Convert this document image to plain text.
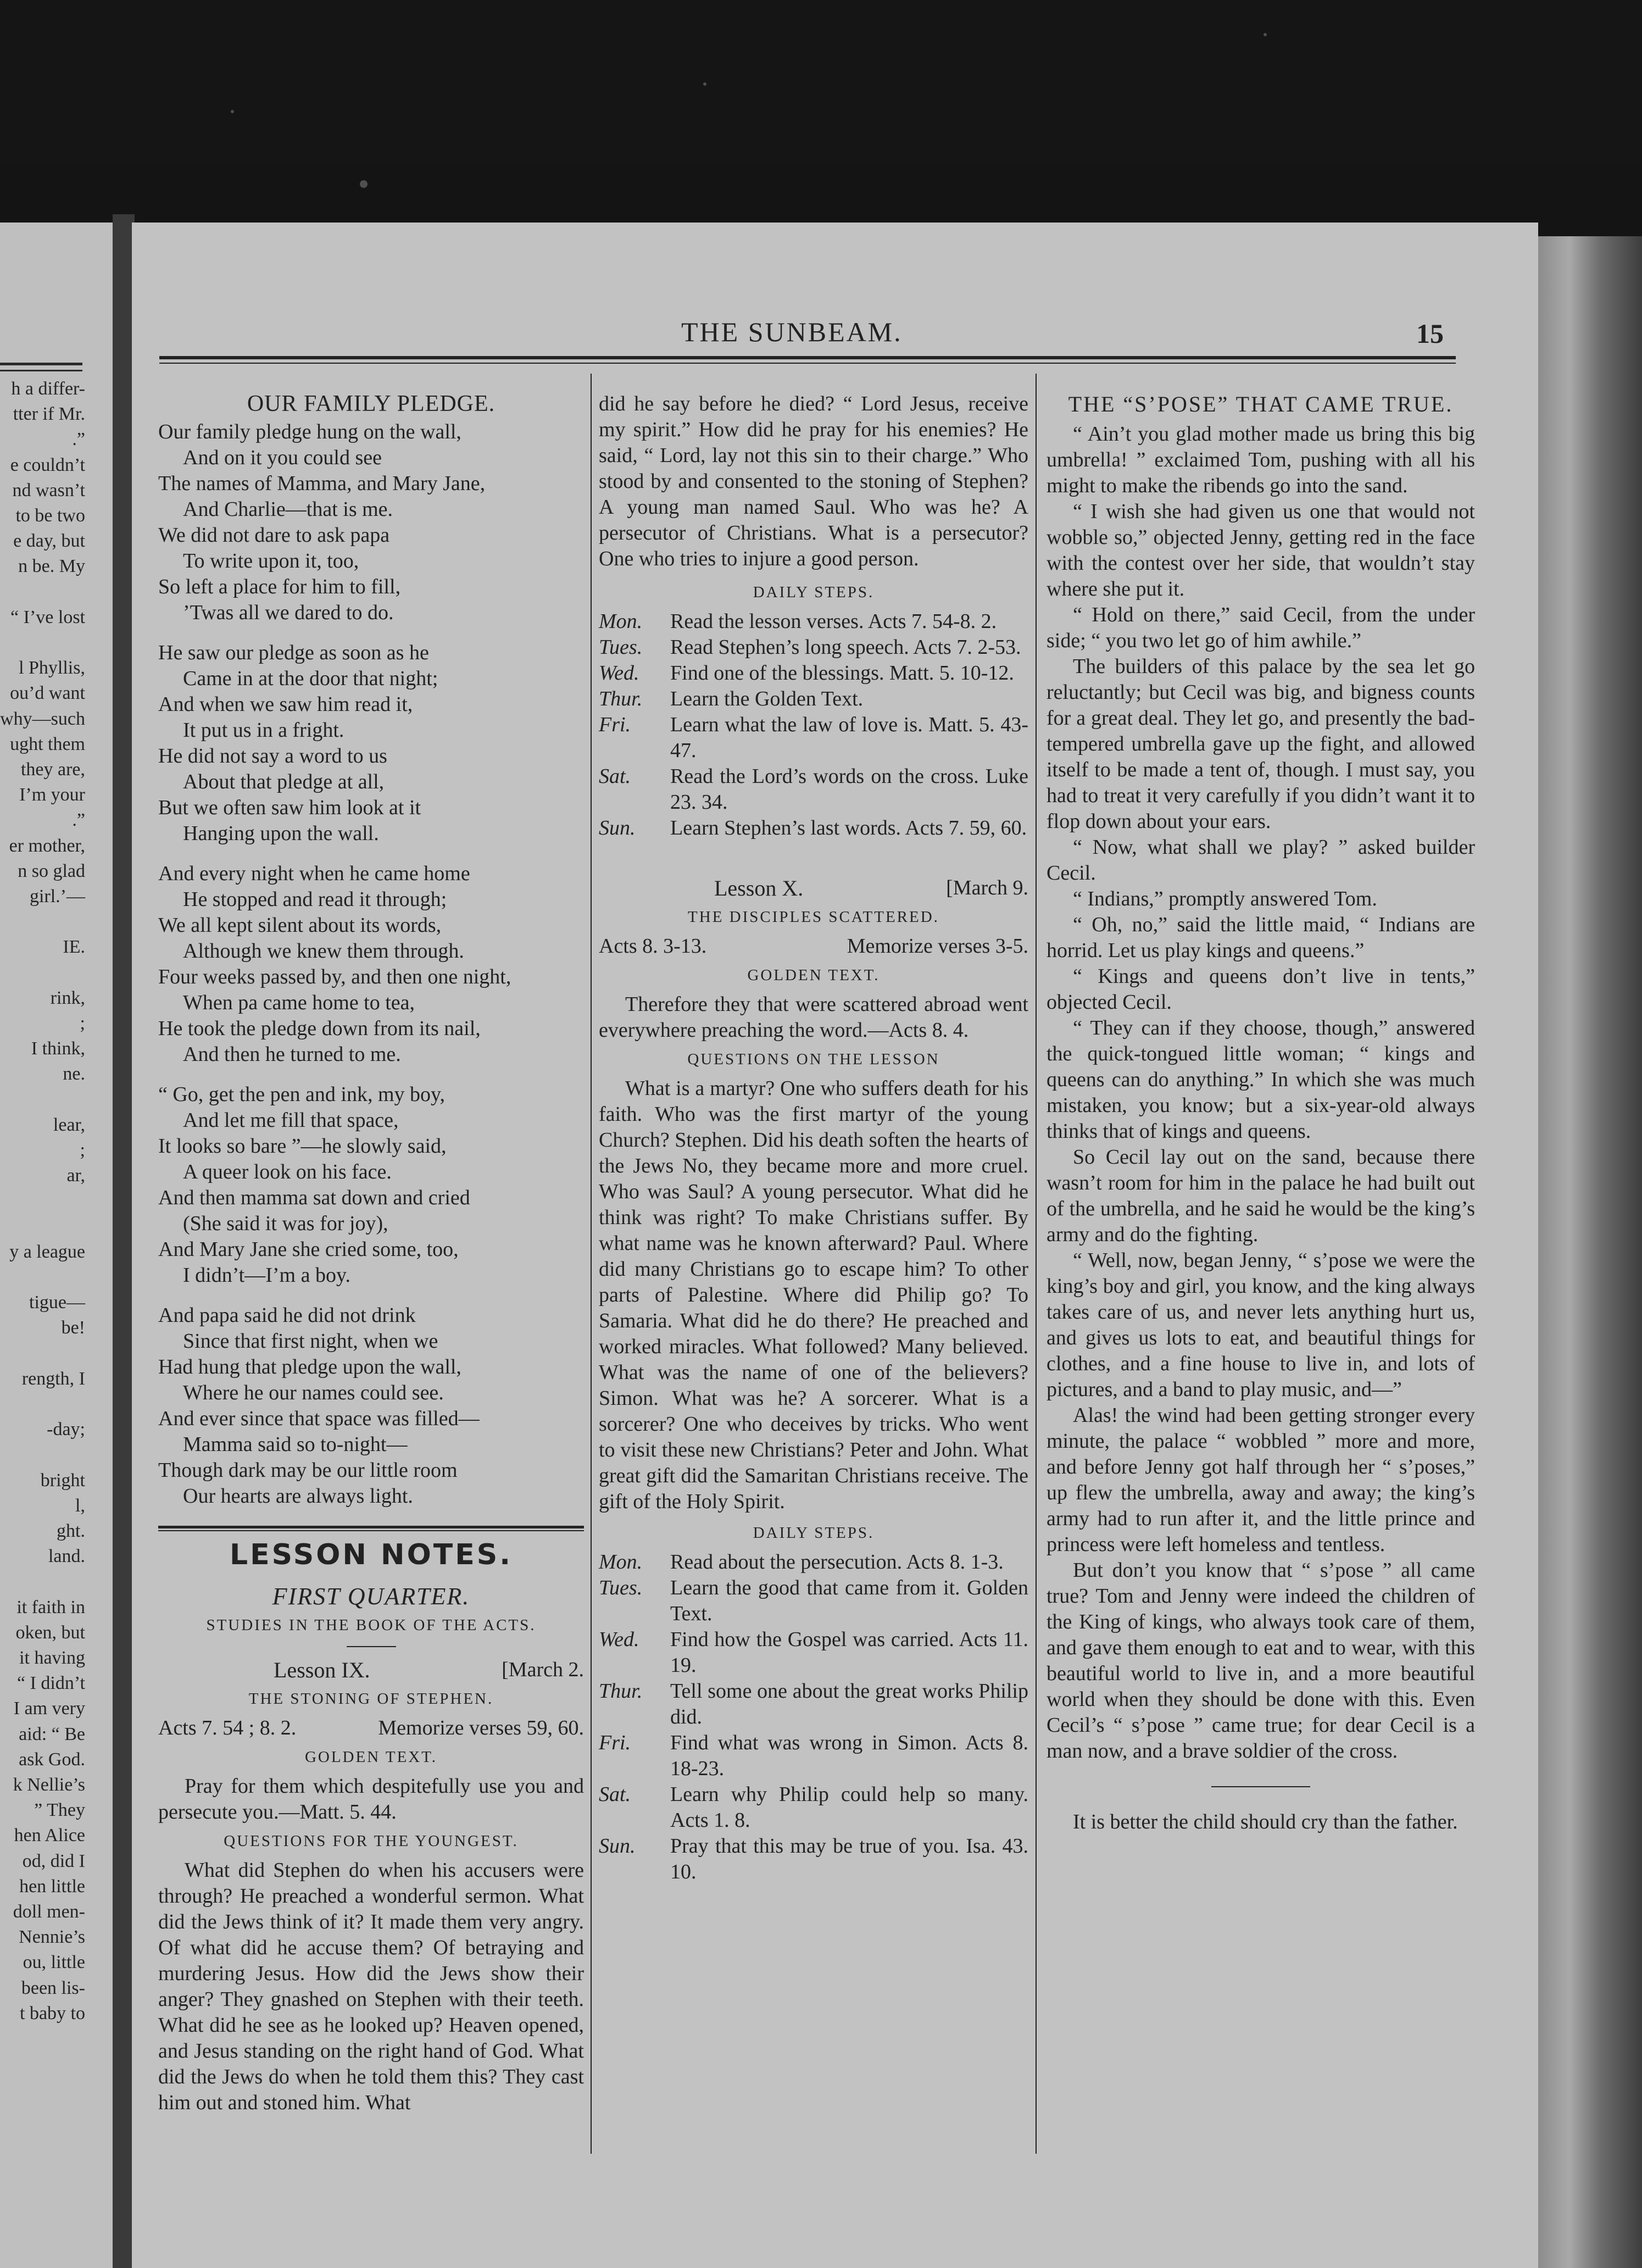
h a differ-
tter if Mr.
.”
e couldn’t
nd wasn’t
to be two
e day, but
n be. My
“ I’ve lost
l Phyllis,
ou’d want
why—such
ught them
they are,
I’m your
.”
er mother,
n so glad
girl.’—
IE.
rink,
;
I think,
ne.
lear,
;
ar,
y a league
tigue—
be!
rength, I
-day;
bright
l,
ght.
land.
it faith in
oken, but
it having
“ I didn’t
I am very
aid: “ Be
ask God.
k Nellie’s
” They
hen Alice
od, did I
hen little
doll men-
Nennie’s
ou, little
been lis-
t baby to
THE SUNBEAM.	15
OUR FAMILY PLEDGE.
Our family pledge hung on the wall,
And on it you could see
The names of Mamma, and Mary Jane,
And Charlie—that is me.
We did not dare to ask papa
To write upon it, too,
So left a place for him to fill,
’Twas all we dared to do.
He saw our pledge as soon as he
Came in at the door that night;
And when we saw him read it,
It put us in a fright.
He did not say a word to us
About that pledge at all,
But we often saw him look at it
Hanging upon the wall.
And every night when he came home
He stopped and read it through;
We all kept silent about its words,
Although we knew them through.
Four weeks passed by, and then one night,
When pa came home to tea,
He took the pledge down from its nail,
And then he turned to me.
“ Go, get the pen and ink, my boy,
And let me fill that space,
It looks so bare ”—he slowly said,
A queer look on his face.
And then mamma sat down and cried
(She said it was for joy),
And Mary Jane she cried some, too,
I didn’t—I’m a boy.
And papa said he did not drink
Since that first night, when we
Had hung that pledge upon the wall,
Where he our names could see.
And ever since that space was filled—
Mamma said so to-night—
Though dark may be our little room
Our hearts are always light.
LESSON NOTES.
FIRST QUARTER.
STUDIES IN THE BOOK OF THE ACTS.
Lesson IX.	[March 2.
THE STONING OF STEPHEN.
Acts 7. 54 ; 8. 2.	Memorize verses 59, 60.
GOLDEN TEXT.

Pray for them which despitefully use you and persecute you.—Matt. 5. 44.

QUESTIONS FOR THE YOUNGEST.

What did Stephen do when his accusers were through? He preached a wonderful sermon. What did the Jews think of it? It made them very angry. Of what did he accuse them? Of betraying and murdering Jesus. How did the Jews show their anger? They gnashed on Stephen with their teeth. What did he see as he looked up? Heaven opened, and Jesus standing on the right hand of God. What did the Jews do when he told them this? They cast him out and stoned him. What

did he say before he died? “ Lord Jesus, receive my spirit.” How did he pray for his enemies? He said, “ Lord, lay not this sin to their charge.” Who stood by and consented to the stoning of Stephen? A young man named Saul. Who was he? A persecutor of Christians. What is a persecutor? One who tries to injure a good person.

DAILY STEPS.
Mon.	Read the lesson verses. Acts 7. 54-8. 2.
Tues.	Read Stephen’s long speech. Acts 7. 2-53.
Wed.	Find one of the blessings. Matt. 5. 10-12.
Thur.	Learn the Golden Text.
Fri.	Learn what the law of love is. Matt. 5. 43-47.
Sat.	Read the Lord’s words on the cross. Luke 23. 34.
Sun.	Learn Stephen’s last words. Acts 7. 59, 60.
Lesson X.	[March 9.
THE DISCIPLES SCATTERED.
Acts 8. 3-13.	Memorize verses 3-5.
GOLDEN TEXT.

Therefore they that were scattered abroad went everywhere preaching the word.—Acts 8. 4.

QUESTIONS ON THE LESSON

What is a martyr? One who suffers death for his faith. Who was the first martyr of the young Church? Stephen. Did his death soften the hearts of the Jews No, they became more and more cruel. Who was Saul? A young persecutor. What did he think was right? To make Christians suffer. By what name was he known afterward? Paul. Where did many Christians go to escape him? To other parts of Palestine. Where did Philip go? To Samaria. What did he do there? He preached and worked miracles. What followed? Many believed. What was the name of one of the believers? Simon. What was he? A sorcerer. What is a sorcerer? One who deceives by tricks. Who went to visit these new Christians? Peter and John. What great gift did the Samaritan Christians receive. The gift of the Holy Spirit.

DAILY STEPS.
Mon.	Read about the persecution. Acts 8. 1-3.
Tues.	Learn the good that came from it. Golden Text.
Wed.	Find how the Gospel was carried. Acts 11. 19.
Thur.	Tell some one about the great works Philip did.
Fri.	Find what was wrong in Simon. Acts 8. 18-23.
Sat.	Learn why Philip could help so many. Acts 1. 8.
Sun.	Pray that this may be true of you. Isa. 43. 10.
THE “S’POSE” THAT CAME TRUE.

“ Ain’t you glad mother made us bring this big umbrella! ” exclaimed Tom, pushing with all his might to make the ribends go into the sand.

“ I wish she had given us one that would not wobble so,” objected Jenny, getting red in the face with the contest over her side, that wouldn’t stay where she put it.

“ Hold on there,” said Cecil, from the under side; “ you two let go of him awhile.”

The builders of this palace by the sea let go reluctantly; but Cecil was big, and bigness counts for a great deal. They let go, and presently the bad-tempered umbrella gave up the fight, and allowed itself to be made a tent of, though. I must say, you had to treat it very carefully if you didn’t want it to flop down about your ears.

“ Now, what shall we play? ” asked builder Cecil.

“ Indians,” promptly answered Tom.

“ Oh, no,” said the little maid, “ Indians are horrid. Let us play kings and queens.”

“ Kings and queens don’t live in tents,” objected Cecil.

“ They can if they choose, though,” answered the quick-tongued little woman; “ kings and queens can do anything.” In which she was much mistaken, you know; but a six-year-old always thinks that of kings and queens.

So Cecil lay out on the sand, because there wasn’t room for him in the palace he had built out of the umbrella, and he said he would be the king’s army and do the fighting.

“ Well, now, began Jenny, “ s’pose we were the king’s boy and girl, you know, and the king always takes care of us, and never lets anything hurt us, and gives us lots to eat, and beautiful things for clothes, and a fine house to live in, and lots of pictures, and a band to play music, and—”

Alas! the wind had been getting stronger every minute, the palace “ wobbled ” more and more, and before Jenny got half through her “ s’poses,” up flew the umbrella, away and away; the king’s army had to run after it, and the little prince and princess were left homeless and tentless.

But don’t you know that “ s’pose ” all came true? Tom and Jenny were indeed the children of the King of kings, who always took care of them, and gave them enough to eat and to wear, with this beautiful world to live in, and a more beautiful world when they should be done with this. Even Cecil’s “ s’pose ” came true; for dear Cecil is a man now, and a brave soldier of the cross.

It is better the child should cry than the father.
